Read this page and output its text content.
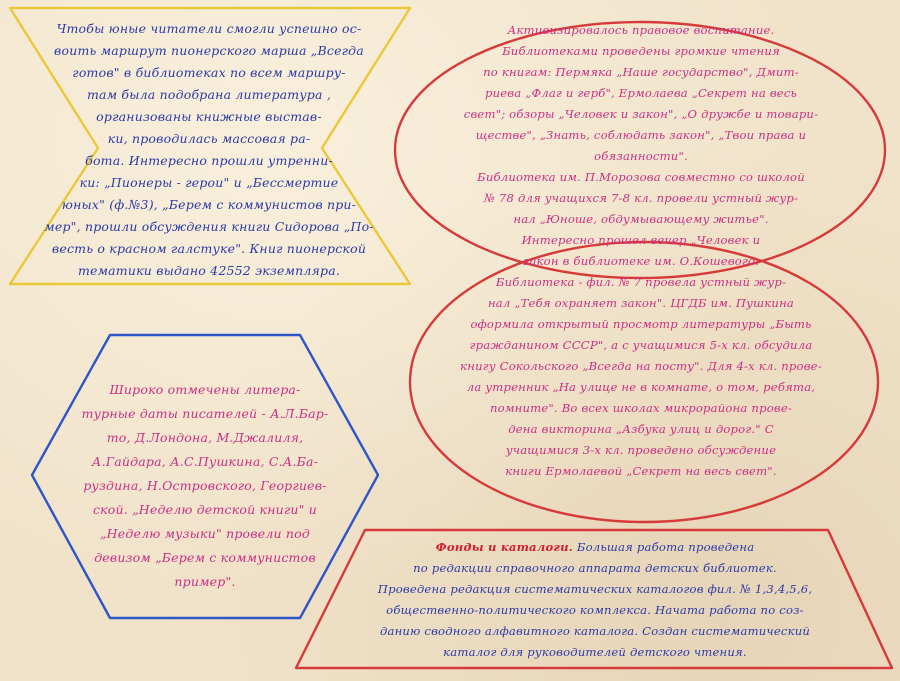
Чтобы юные читатели смогли успешно ос-

воить маршрут пионерского марша „Всегда

готов" в библиотеках по всем маршру-

там была подобрана литература ,

организованы книжные выстав-

ки, проводилась массовая ра-

бота. Интересно прошли утренни-

ки: „Пионеры - герои" и „Бессмертие

юных" (ф.№3), „Берем с коммунистов при-

мер", прошли обсуждения книги Сидорова „По-

весть о красном галстуке". Книг пионерской

тематики выдано 42552 экземпляра.

Активизировалось правовое воспитание.

Библиотеками проведены громкие чтения

по книгам: Пермяка „Наше государство", Дмит-

риева „Флаг и герб", Ермолаева „Секрет на весь

свет"; обзоры „Человек и закон", „О дружбе и товари-

ществе", „Знать, соблюдать закон", „Твои права и

обязанности".

Библиотека им. П.Морозова совместно со школой

№ 78 для учащихся 7-8 кл. провели устный жур-

нал „Юноше, обдумывающему житье".

Интересно прошел вечер „Человек и

закон в библиотеке им. О.Кошевого.

Библиотека - фил. № 7 провела устный жур-

нал „Тебя охраняет закон". ЦГДБ им. Пушкина

оформила открытый просмотр литературы „Быть

гражданином СССР", а с учащимися 5-х кл. обсудила

книгу Сокольского „Всегда на посту". Для 4-х кл. прове-

ла утренник „На улице не в комнате, о том, ребята,

помните". Во всех школах микрорайона прове-

дена викторина „Азбука улиц и дорог." С

учащимися 3-х кл. проведено обсуждение

книги Ермолаевой „Секрет на весь свет".

Широко отмечены литера-

турные даты писателей - А.Л.Бар-

то, Д.Лондона, М.Джалиля,

А.Гайдара, А.С.Пушкина, С.А.Ба-

руздина, Н.Островского, Георгиев-

ской. „Неделю детской книги" и

„Неделю музыки" провели под

девизом „Берем с коммунистов

пример".

Фонды и каталоги. Большая работа проведена

по редакции справочного аппарата детских библиотек.

Проведена редакция систематических каталогов фил. № 1,3,4,5,6,

общественно-политического комплекса. Начата работа по соз-

данию сводного алфавитного каталога. Создан систематический

каталог для руководителей детского чтения.
